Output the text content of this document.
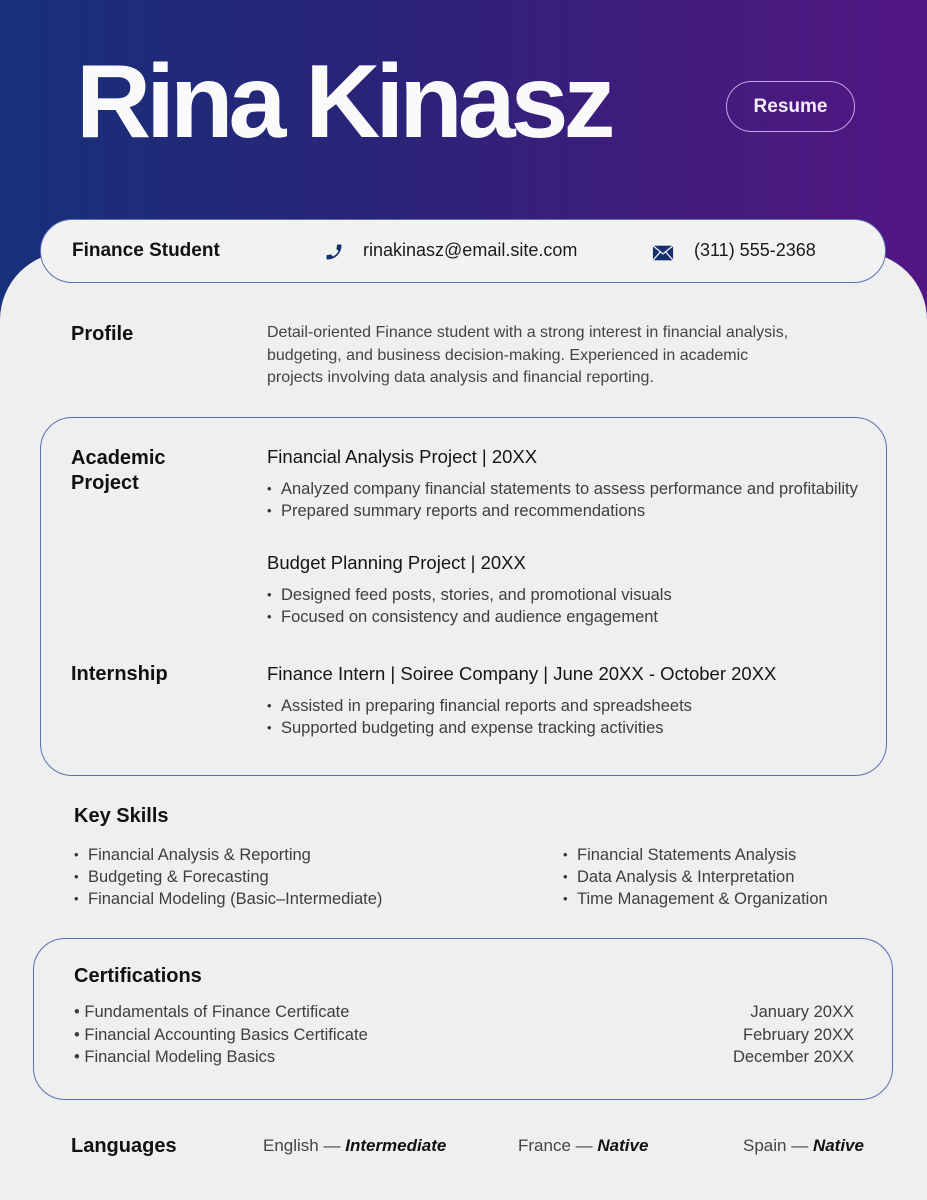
Rina Kinasz	Resume
Finance Student	rinakinasz@email.site.com	(311) 555-2368
Profile	Detail-oriented Finance student with a strong interest in financial analysis,
budgeting, and business decision-making. Experienced in academic
projects involving data analysis and financial reporting.
Academic
Project
Financial Analysis Project | 20XX
• Analyzed company financial statements to assess performance and profitability
• Prepared summary reports and recommendations
Budget Planning Project | 20XX
• Designed feed posts, stories, and promotional visuals
• Focused on consistency and audience engagement
Internship	Finance Intern | Soiree Company | June 20XX - October 20XX
• Assisted in preparing financial reports and spreadsheets
• Supported budgeting and expense tracking activities
Key Skills
• Financial Analysis & Reporting
• Budgeting & Forecasting
• Financial Modeling (Basic–Intermediate)
• Financial Statements Analysis
• Data Analysis & Interpretation
• Time Management & Organization
Certifications
• Fundamentals of Finance Certificate	January 20XX
• Financial Accounting Basics Certificate	February 20XX
• Financial Modeling Basics	December 20XX
Languages	English — Intermediate	France — Native	Spain — Native
